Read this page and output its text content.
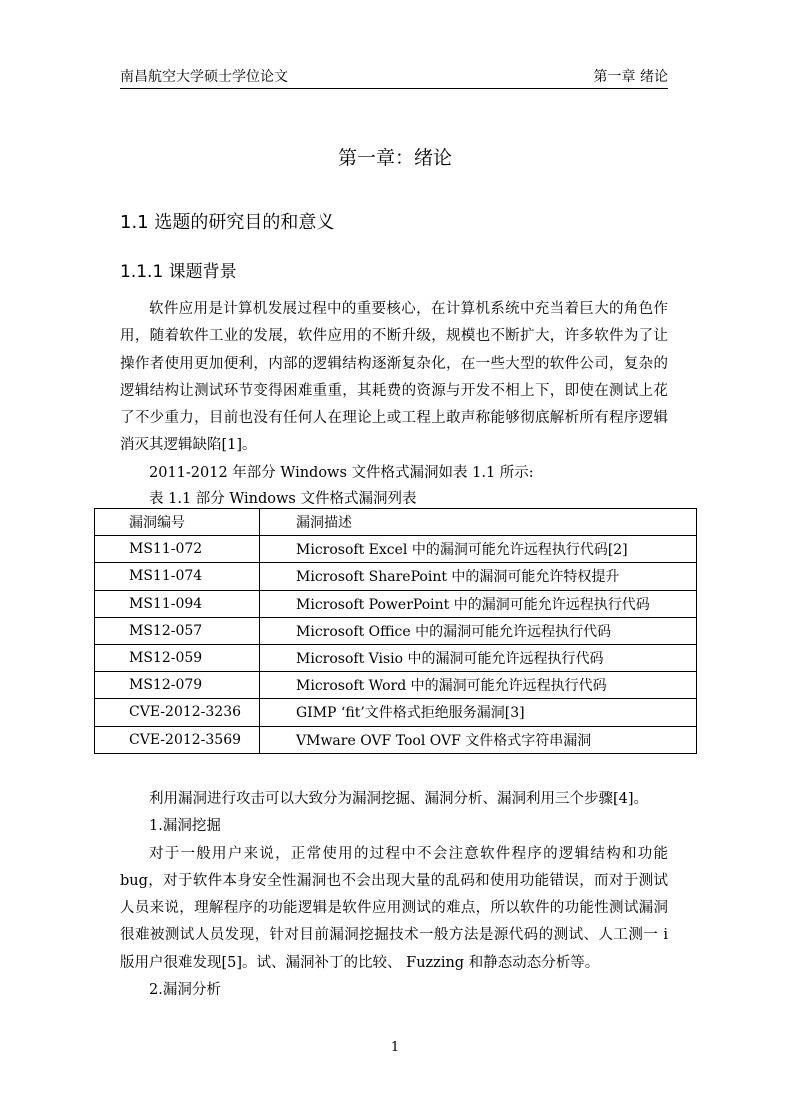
南昌航空大学硕士学位论文	第一章 绪论
第一章：绪论
1.1 选题的研究目的和意义
1.1.1 课题背景

软件应用是计算机发展过程中的重要核心，在计算机系统中充当着巨大的角色作用，随着软件工业的发展，软件应用的不断升级，规模也不断扩大，许多软件为了让操作者使用更加便利，内部的逻辑结构逐渐复杂化，在一些大型的软件公司，复杂的逻辑结构让测试环节变得困难重重，其耗费的资源与开发不相上下，即使在测试上花了不少重力，目前也没有任何人在理论上或工程上敢声称能够彻底解析所有程序逻辑消灭其逻辑缺陷[1]。

2011-2012 年部分 Windows 文件格式漏洞如表 1.1 所示:

表 1.1 部分 Windows 文件格式漏洞列表
漏洞编号	漏洞描述
MS11-072	Microsoft Excel 中的漏洞可能允许远程执行代码[2]
MS11-074	Microsoft SharePoint 中的漏洞可能允许特权提升
MS11-094	Microsoft PowerPoint 中的漏洞可能允许远程执行代码
MS12-057	Microsoft Office 中的漏洞可能允许远程执行代码
MS12-059	Microsoft Visio 中的漏洞可能允许远程执行代码
MS12-079	Microsoft Word 中的漏洞可能允许远程执行代码
CVE-2012-3236	GIMP ‘fit’文件格式拒绝服务漏洞[3]
CVE-2012-3569	VMware OVF Tool OVF 文件格式字符串漏洞

利用漏洞进行攻击可以大致分为漏洞挖掘、漏洞分析、漏洞利用三个步骤[4]。

1.漏洞挖掘

对于一般用户来说，正常使用的过程中不会注意软件程序的逻辑结构和功能 bug，对于软件本身安全性漏洞也不会出现大量的乱码和使用功能错误，而对于测试人员来说，理解程序的功能逻辑是软件应用测试的难点，所以软件的功能性测试漏洞很难被测试人员发现，针对目前漏洞挖掘技术一般方法是源代码的测试、人工测一 i 版用户很难发现[5]。试、漏洞补丁的比较、 Fuzzing 和静态动态分析等。

2.漏洞分析

1
